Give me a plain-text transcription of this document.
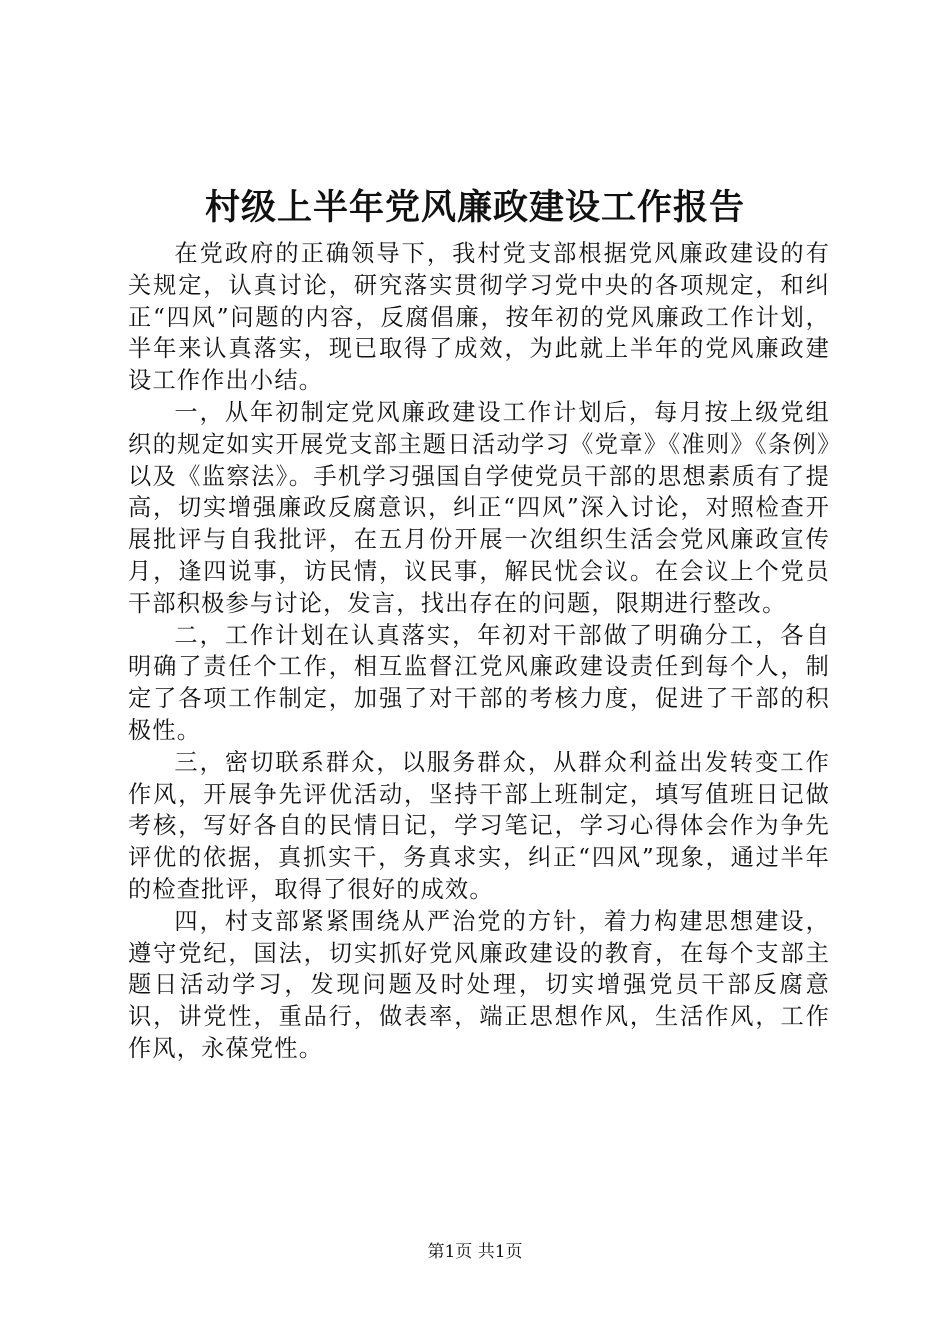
村级上半年党风廉政建设工作报告

在党政府的正确领导下，我村党支部根据党风廉政建设的有关规定，认真讨论，研究落实贯彻学习党中央的各项规定，和纠正“四风”问题的内容，反腐倡廉，按年初的党风廉政工作计划，半年来认真落实，现已取得了成效，为此就上半年的党风廉政建设工作作出小结。

一，从年初制定党风廉政建设工作计划后，每月按上级党组织的规定如实开展党支部主题日活动学习《党章》《准则》《条例》以及《监察法》。手机学习强国自学使党员干部的思想素质有了提高，切实增强廉政反腐意识，纠正“四风”深入讨论，对照检查开展批评与自我批评，在五月份开展一次组织生活会党风廉政宣传月，逢四说事，访民情，议民事，解民忧会议。在会议上个党员干部积极参与讨论，发言，找出存在的问题，限期进行整改。

二，工作计划在认真落实，年初对干部做了明确分工，各自明确了责任个工作，相互监督江党风廉政建设责任到每个人，制定了各项工作制定，加强了对干部的考核力度，促进了干部的积极性。

三，密切联系群众，以服务群众，从群众利益出发转变工作作风，开展争先评优活动，坚持干部上班制定，填写值班日记做考核，写好各自的民情日记，学习笔记，学习心得体会作为争先评优的依据，真抓实干，务真求实，纠正“四风”现象，通过半年的检查批评，取得了很好的成效。

四，村支部紧紧围绕从严治党的方针，着力构建思想建设，遵守党纪，国法，切实抓好党风廉政建设的教育，在每个支部主题日活动学习，发现问题及时处理，切实增强党员干部反腐意识，讲党性，重品行，做表率，端正思想作风，生活作风，工作作风，永葆党性。

第1页 共1页
